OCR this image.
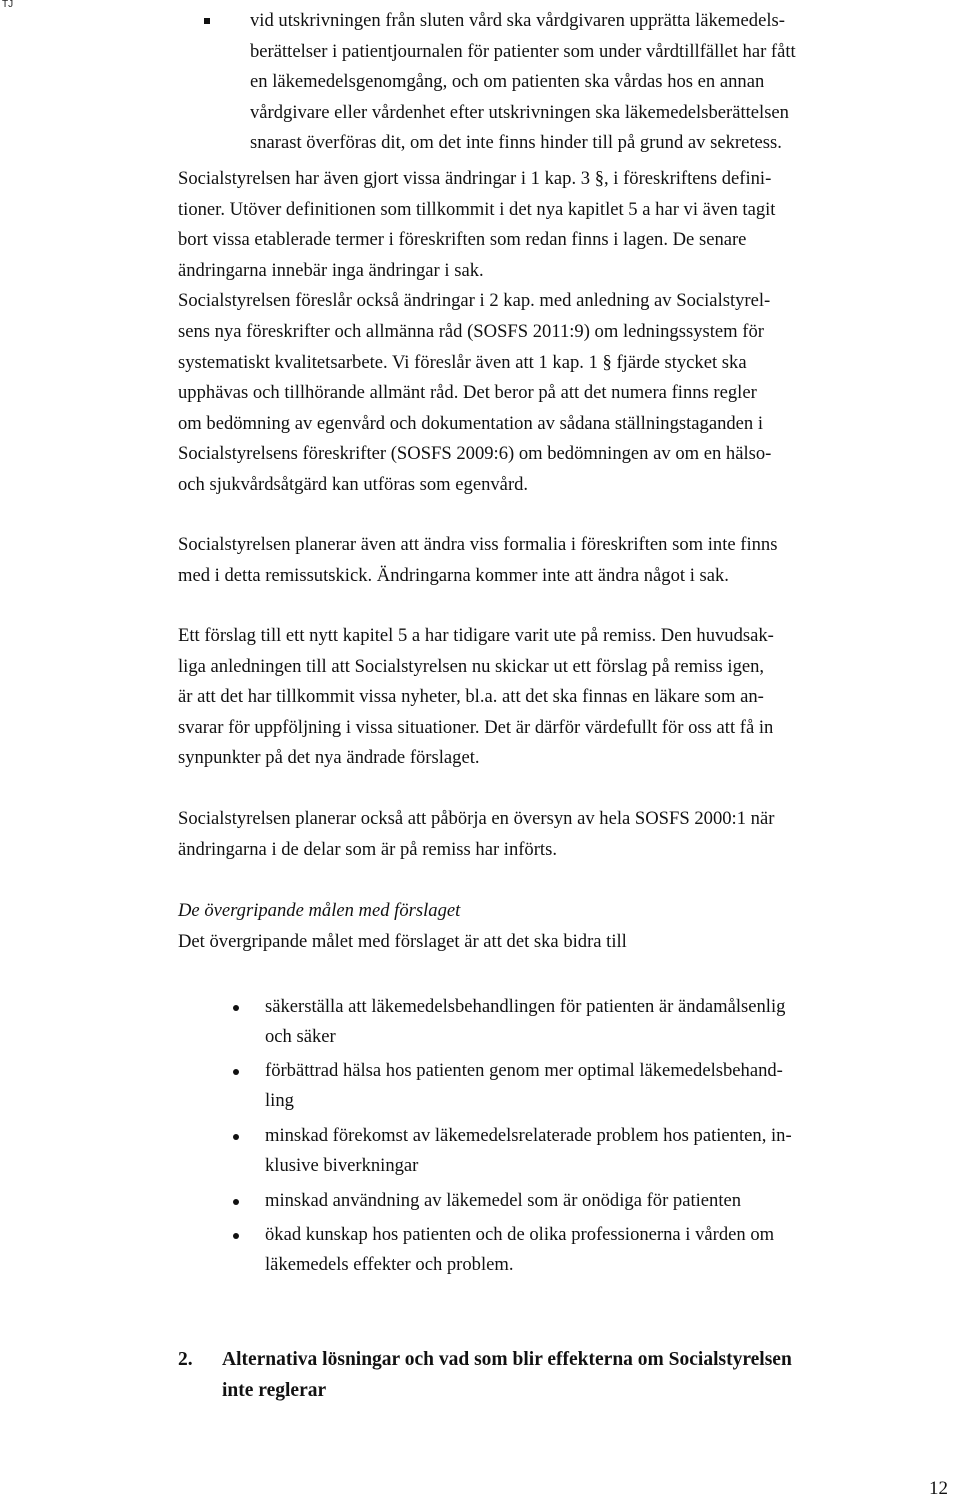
TJ
vid utskrivningen från sluten vård ska vårdgivaren upprätta läkemedels-
berättelser i patientjournalen för patienter som under vårdtillfället har fått
en läkemedelsgenomgång, och om patienten ska vårdas hos en annan
vårdgivare eller vårdenhet efter utskrivningen ska läkemedelsberättelsen
snarast överföras dit, om det inte finns hinder till på grund av sekretess.
Socialstyrelsen har även gjort vissa ändringar i 1 kap. 3 §, i föreskriftens defini-
tioner. Utöver definitionen som tillkommit i det nya kapitlet 5 a har vi även tagit
bort vissa etablerade termer i föreskriften som redan finns i lagen. De senare
ändringarna innebär inga ändringar i sak.
Socialstyrelsen föreslår också ändringar i 2 kap. med anledning av Socialstyrel-
sens nya föreskrifter och allmänna råd (SOSFS 2011:9) om ledningssystem för
systematiskt kvalitetsarbete. Vi föreslår även att 1 kap. 1 § fjärde stycket ska
upphävas och tillhörande allmänt råd. Det beror på att det numera finns regler
om bedömning av egenvård och dokumentation av sådana ställningstaganden i
Socialstyrelsens föreskrifter (SOSFS 2009:6) om bedömningen av om en hälso-
och sjukvårdsåtgärd kan utföras som egenvård.
Socialstyrelsen planerar även att ändra viss formalia i föreskriften som inte finns
med i detta remissutskick. Ändringarna kommer inte att ändra något i sak.
Ett förslag till ett nytt kapitel 5 a har tidigare varit ute på remiss. Den huvudsak-
liga anledningen till att Socialstyrelsen nu skickar ut ett förslag på remiss igen,
är att det har tillkommit vissa nyheter, bl.a. att det ska finnas en läkare som an-
svarar för uppföljning i vissa situationer. Det är därför värdefullt för oss att få in
synpunkter på det nya ändrade förslaget.
Socialstyrelsen planerar också att påbörja en översyn av hela SOSFS 2000:1 när
ändringarna i de delar som är på remiss har införts.
De övergripande målen med förslaget
Det övergripande målet med förslaget är att det ska bidra till
säkerställa att läkemedelsbehandlingen för patienten är ändamålsenlig
och säker
förbättrad hälsa hos patienten genom mer optimal läkemedelsbehand-
ling
minskad förekomst av läkemedelsrelaterade problem hos patienten, in-
klusive biverkningar
minskad användning av läkemedel som är onödiga för patienten
ökad kunskap hos patienten och de olika professionerna i vården om
läkemedels effekter och problem.
2. Alternativa lösningar och vad som blir effekterna om Socialstyrelsen
inte reglerar
12
